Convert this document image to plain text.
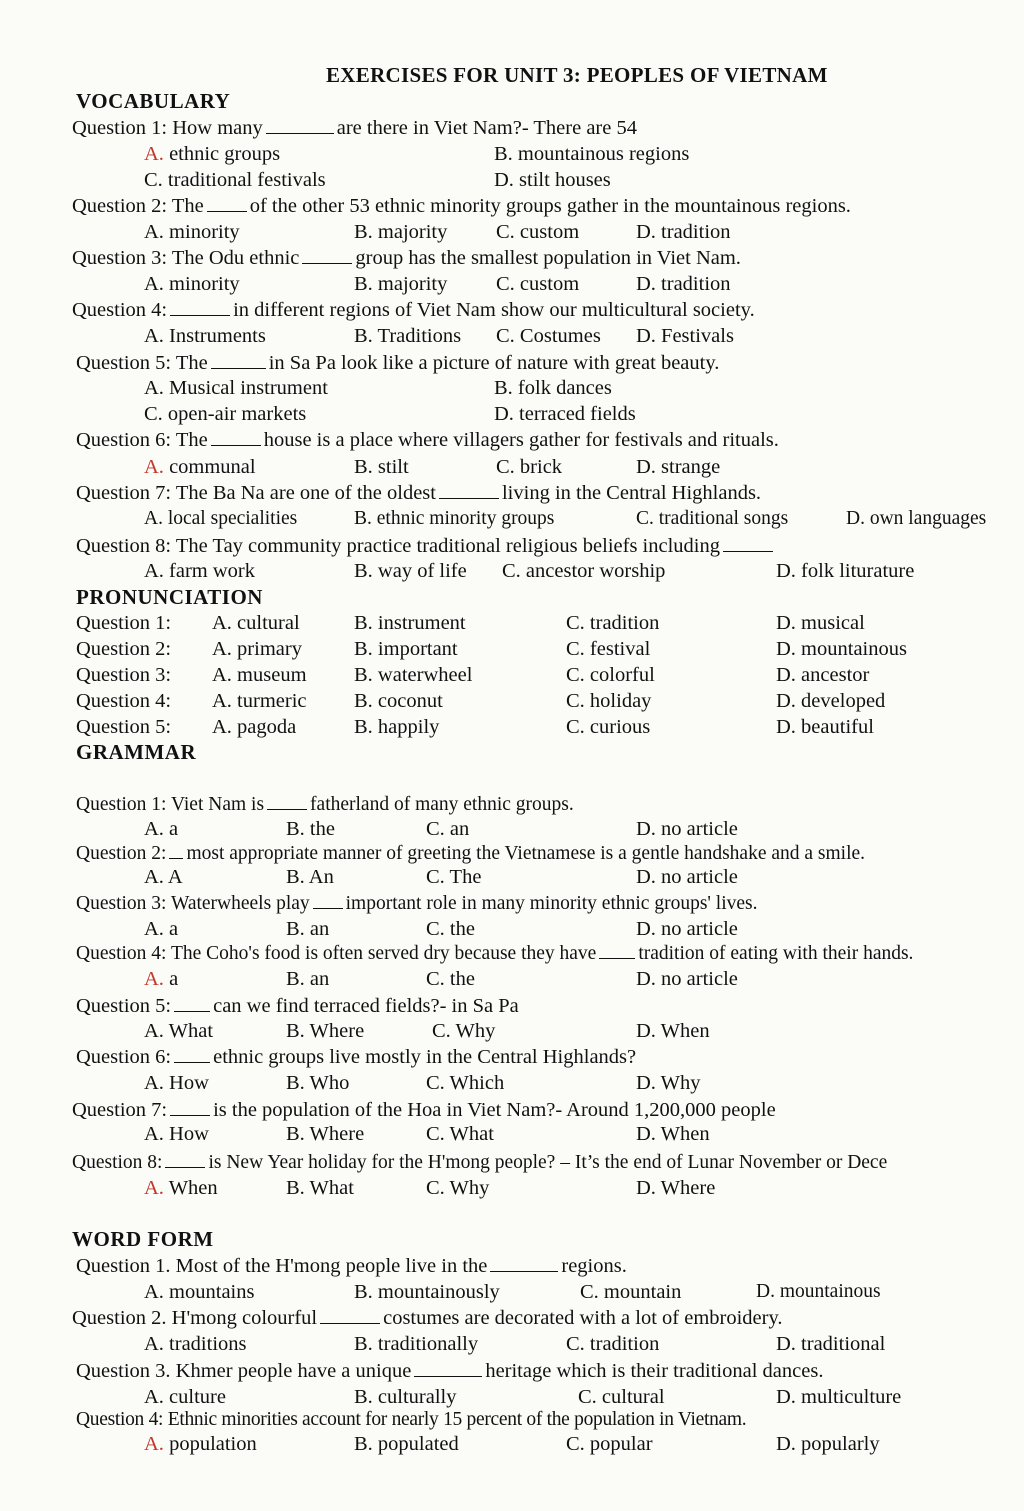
EXERCISES FOR UNIT 3: PEOPLES OF VIETNAM
VOCABULARY
Question 1: How many	are there in Viet Nam?- There are 54
A. ethnic groups	B. mountainous regions
C. traditional festivals	D. stilt houses
Question 2: The of the other 53 ethnic minority groups gather in the mountainous regions.
A. minority	B. majority C. custom	D. tradition
Question 3: The Odu ethnic	group has the smallest population in Viet Nam.
A. minority	B. majority C. custom	D. tradition
Question 4:	in different regions of Viet Nam show our multicultural society.
A. Instruments	B. Traditions C. Costumes D. Festivals
Question 5: The	in Sa Pa look like a picture of nature with great beauty.
A. Musical instrument	B. folk dances
C. open-air markets	D. terraced fields
Question 6: The	house is a place where villagers gather for festivals and rituals.
A. communal	B. stilt	C. brick	D. strange
Question 7: The Ba Na are one of the oldest	living in the Central Highlands.
A. local specialities	B. ethnic minority groups	C. traditional songs	D. own languages
Question 8: The Tay community practice traditional religious beliefs including
A. farm work	B. way of life C. ancestor worship	D. folk liturature
PRONUNCIATION
Question 1: A. cultural	B. instrument	C. tradition	D. musical
Question 2: A. primary	B. important	C. festival	D. mountainous
Question 3: A. museum B. waterwheel	C. colorful	D. ancestor
Question 4: A. turmeric B. coconut	C. holiday	D. developed
Question 5: A. pagoda	B. happily	C. curious	D. beautiful
GRAMMAR
Question 1: Viet Nam is fatherland of many ethnic groups.
A. a	B. the	C. an	D. no article
Question 2: most appropriate manner of greeting the Vietnamese is a gentle handshake and a smile.
A. A	B. An	C. The	D. no article
Question 3: Waterwheels play important role in many minority ethnic groups' lives.
A. a	B. an	C. the	D. no article
Question 4: The Coho's food is often served dry because they have tradition of eating with their hands.
A. a	B. an	C. the	D. no article
Question 5: can we find terraced fields?- in Sa Pa
A. What	B. Where	C. Why	D. When
Question 6: ethnic groups live mostly in the Central Highlands?
A. How	B. Who	C. Which	D. Why
Question 7: is the population of the Hoa in Viet Nam?- Around 1,200,000 people
A. How	B. Where	C. What	D. When
Question 8: is New Year holiday for the H'mong people? – It’s the end of Lunar November or Dece
A. When	B. What	C. Why	D. Where
WORD FORM
Question 1. Most of the H'mong people live in the	regions.
A. mountains	B. mountainously	C. mountain	D. mountainous
Question 2. H'mong colourful	costumes are decorated with a lot of embroidery.
A. traditions	B. traditionally	C. tradition	D. traditional
Question 3. Khmer people have a unique	heritage which is their traditional dances.
A. culture	B. culturally	C. cultural	D. multiculture
Question 4: Ethnic minorities account for nearly 15 percent of the population in Vietnam.
A. population	B. populated	C. popular	D. popularly
